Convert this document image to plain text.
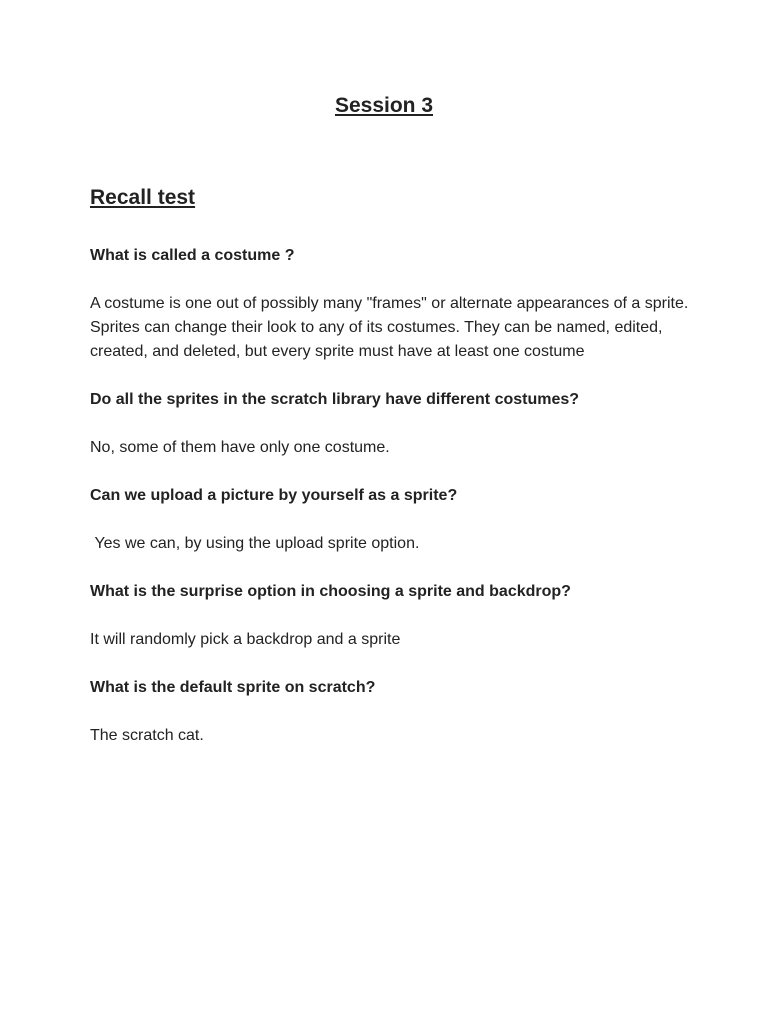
Session 3
Recall test

What is called a costume ?

A costume is one out of possibly many "frames" or alternate appearances of a sprite. Sprites can change their look to any of its costumes. They can be named, edited, created, and deleted, but every sprite must have at least one costume

Do all the sprites in the scratch library have different costumes?

No, some of them have only one costume.

Can we upload a picture by yourself as a sprite?

Yes we can, by using the upload sprite option.

What is the surprise option in choosing a sprite and backdrop?

It will randomly pick a backdrop and a sprite

What is the default sprite on scratch?

The scratch cat.
